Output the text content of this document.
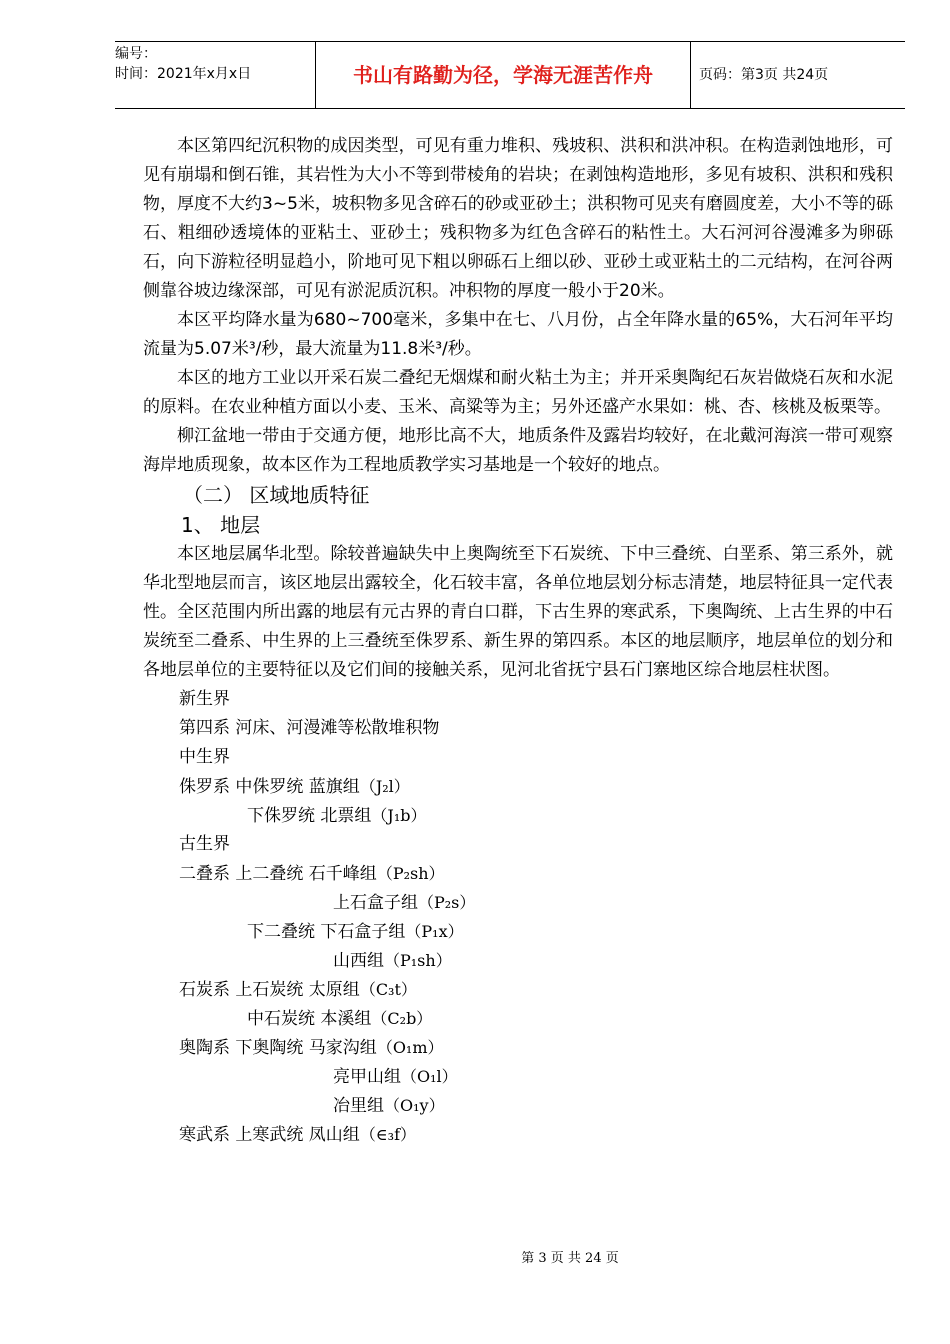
编号：
时间：2021年x月x日	书山有路勤为径，学海无涯苦作舟	页码：第3页 共24页

本区第四纪沉积物的成因类型，可见有重力堆积、残坡积、洪积和洪冲积。在构造剥蚀地形，可见有崩塌和倒石锥，其岩性为大小不等到带棱角的岩块；在剥蚀构造地形，多见有坡积、洪积和残积物，厚度不大约3~5米，坡积物多见含碎石的砂或亚砂土；洪积物可见夹有磨圆度差，大小不等的砾石、粗细砂透境体的亚粘土、亚砂土；残积物多为红色含碎石的粘性土。大石河河谷漫滩多为卵砾石，向下游粒径明显趋小，阶地可见下粗以卵砾石上细以砂、亚砂土或亚粘土的二元结构，在河谷两侧靠谷坡边缘深部，可见有淤泥质沉积。冲积物的厚度一般小于20米。

本区平均降水量为680~700毫米，多集中在七、八月份，占全年降水量的65%，大石河年平均流量为5.07米³/秒，最大流量为11.8米³/秒。

本区的地方工业以开采石炭二叠纪无烟煤和耐火粘土为主；并开采奥陶纪石灰岩做烧石灰和水泥的原料。在农业种植方面以小麦、玉米、高粱等为主；另外还盛产水果如：桃、杏、核桃及板栗等。

柳江盆地一带由于交通方便，地形比高不大，地质条件及露岩均较好，在北戴河海滨一带可观察海岸地质现象，故本区作为工程地质教学实习基地是一个较好的地点。

（二） 区域地质特征
1、 地层

本区地层属华北型。除较普遍缺失中上奥陶统至下石炭统、下中三叠统、白垩系、第三系外，就华北型地层而言，该区地层出露较全，化石较丰富，各单位地层划分标志清楚，地层特征具一定代表性。全区范围内所出露的地层有元古界的青白口群，下古生界的寒武系，下奥陶统、上古生界的中石炭统至二叠系、中生界的上三叠统至侏罗系、新生界的第四系。本区的地层顺序，地层单位的划分和各地层单位的主要特征以及它们间的接触关系，见河北省抚宁县石门寨地区综合地层柱状图。

新生界
第四系 河床、河漫滩等松散堆积物
中生界
侏罗系 中侏罗统 蓝旗组（J₂l）
下侏罗统 北票组（J₁b）
古生界
二叠系 上二叠统 石千峰组（P₂sh）
上石盒子组（P₂s）
下二叠统 下石盒子组（P₁x）
山西组（P₁sh）
石炭系 上石炭统 太原组（C₃t）
中石炭统 本溪组（C₂b）
奥陶系 下奥陶统 马家沟组（O₁m）
亮甲山组（O₁l）
冶里组（O₁y）
寒武系 上寒武统 凤山组（∈₃f）
第 3 页 共 24 页
